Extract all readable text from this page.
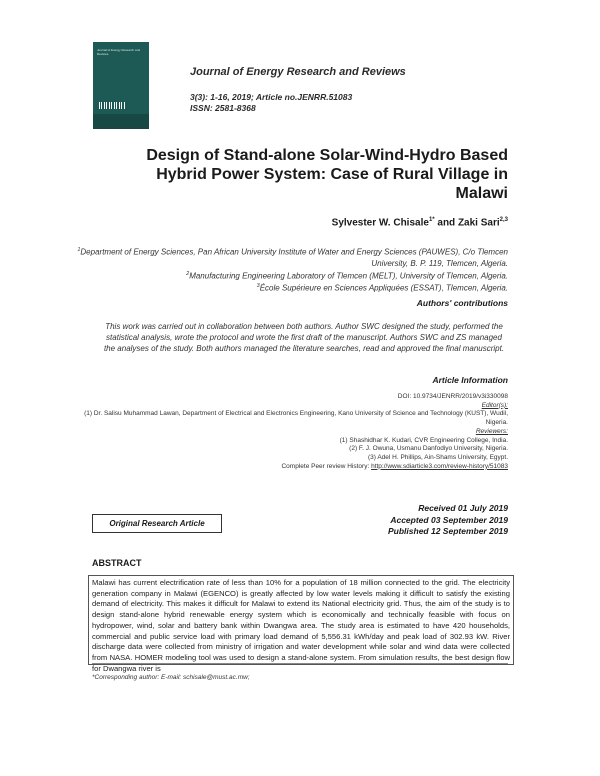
Journal of Energy Research and Reviews
Journal of Energy Research and Reviews
3(3): 1-16, 2019; Article no.JENRR.51083
ISSN: 2581-8368
Design of Stand-alone Solar-Wind-Hydro Based Hybrid Power System: Case of Rural Village in Malawi
Sylvester W. Chisale$^{1*}$ and Zaki Sari$^{2,3}$
$^1$Department of Energy Sciences, Pan African University Institute of Water and Energy Sciences (PAUWES), C/o Tlemcen University, B. P. 119, Tlemcen, Algeria.
$^2$Manufacturing Engineering Laboratory of Tlemcen (MELT), University of Tlemcen, Algeria.
$^3$École Supérieure en Sciences Appliquées (ESSAT), Tlemcen, Algeria.
Authors' contributions
This work was carried out in collaboration between both authors. Author SWC designed the study, performed the statistical analysis, wrote the protocol and wrote the first draft of the manuscript. Authors SWC and ZS managed the analyses of the study. Both authors managed the literature searches, read and approved the final manuscript.
Article Information
DOI: 10.9734/JENRR/2019/v3i330098
Editor(s):
(1) Dr. Salisu Muhammad Lawan, Department of Electrical and Electronics Engineering, Kano University of Science and Technology (KUST), Wudil, Nigeria.
Reviewers:
(1) Shashidhar K. Kudari, CVR Engineering College, India.
(2) F. J. Owuna, Usmanu Danfodiyo University, Nigeria.
(3) Adel H. Phillips, Ain-Shams University, Egypt.
Complete Peer review History: http://www.sdiarticle3.com/review-history/51083
Received 01 July 2019
Accepted 03 September 2019
Published 12 September 2019
Original Research Article
ABSTRACT
Malawi has current electrification rate of less than 10% for a population of 18 million connected to the grid. The electricity generation company in Malawi (EGENCO) is greatly affected by low water levels making it difficult to satisfy the existing demand of electricity. This makes it difficult for Malawi to extend its National electricity grid. Thus, the aim of the study is to design stand-alone hybrid renewable energy system which is economically and technically feasible with focus on hydropower, wind, solar and battery bank within Dwangwa area. The study area is estimated to have 420 households, commercial and public service load with primary load demand of 5,556.31 kWh/day and peak load of 302.93 kW. River discharge data were collected from ministry of irrigation and water development while solar and wind data were collected from NASA. HOMER modeling tool was used to design a stand-alone system. From simulation results, the best design flow for Dwangwa river is
*Corresponding author: E-mail: schisale@must.ac.mw;
